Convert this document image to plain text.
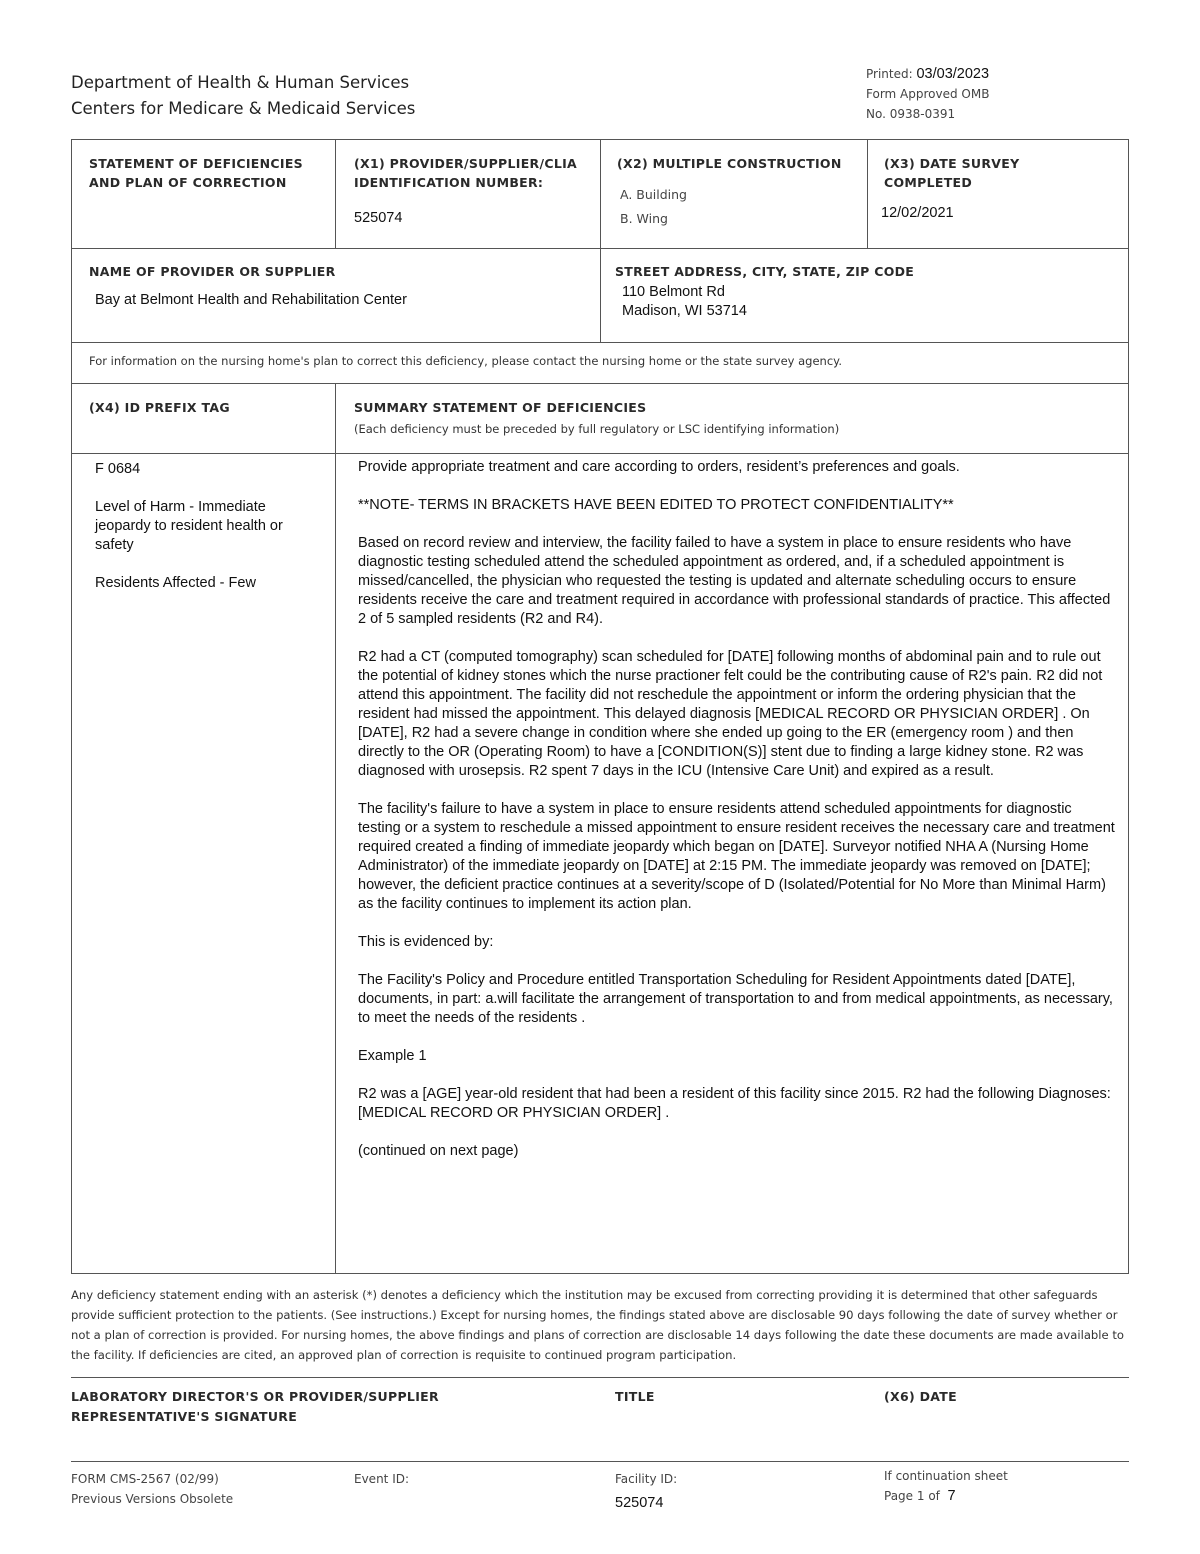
Department of Health & Human Services
Centers for Medicare & Medicaid Services
Printed: 03/03/2023
Form Approved OMB
No. 0938-0391
STATEMENT OF DEFICIENCIES
AND PLAN OF CORRECTION
(X1) PROVIDER/SUPPLIER/CLIA
IDENTIFICATION NUMBER:
525074
(X2) MULTIPLE CONSTRUCTION
A. Building
B. Wing
(X3) DATE SURVEY
COMPLETED
12/02/2021
NAME OF PROVIDER OR SUPPLIER
Bay at Belmont Health and Rehabilitation Center
STREET ADDRESS, CITY, STATE, ZIP CODE
110 Belmont Rd
Madison, WI 53714
For information on the nursing home's plan to correct this deficiency, please contact the nursing home or the state survey agency.
(X4) ID PREFIX TAG	SUMMARY STATEMENT OF DEFICIENCIES
(Each deficiency must be preceded by full regulatory or LSC identifying information)

F 0684

Level of Harm - Immediate jeopardy to resident health or safety

Residents Affected - Few

Provide appropriate treatment and care according to orders, resident’s preferences and goals.

**NOTE- TERMS IN BRACKETS HAVE BEEN EDITED TO PROTECT CONFIDENTIALITY**

Based on record review and interview, the facility failed to have a system in place to ensure residents who have diagnostic testing scheduled attend the scheduled appointment as ordered, and, if a scheduled appointment is missed/cancelled, the physician who requested the testing is updated and alternate scheduling occurs to ensure residents receive the care and treatment required in accordance with professional standards of practice. This affected 2 of 5 sampled residents (R2 and R4).

R2 had a CT (computed tomography) scan scheduled for [DATE] following months of abdominal pain and to rule out the potential of kidney stones which the nurse practioner felt could be the contributing cause of R2's pain. R2 did not attend this appointment. The facility did not reschedule the appointment or inform the ordering physician that the resident had missed the appointment. This delayed diagnosis [MEDICAL RECORD OR PHYSICIAN ORDER] . On [DATE], R2 had a severe change in condition where she ended up going to the ER (emergency room ) and then directly to the OR (Operating Room) to have a [CONDITION(S)] stent due to finding a large kidney stone. R2 was diagnosed with urosepsis. R2 spent 7 days in the ICU (Intensive Care Unit) and expired as a result.

The facility's failure to have a system in place to ensure residents attend scheduled appointments for diagnostic testing or a system to reschedule a missed appointment to ensure resident receives the necessary care and treatment required created a finding of immediate jeopardy which began on [DATE]. Surveyor notified NHA A (Nursing Home Administrator) of the immediate jeopardy on [DATE] at 2:15 PM. The immediate jeopardy was removed on [DATE]; however, the deficient practice continues at a severity/scope of D (Isolated/Potential for No More than Minimal Harm) as the facility continues to implement its action plan.

This is evidenced by:

The Facility's Policy and Procedure entitled Transportation Scheduling for Resident Appointments dated [DATE], documents, in part: a.will facilitate the arrangement of transportation to and from medical appointments, as necessary, to meet the needs of the residents .

Example 1

R2 was a [AGE] year-old resident that had been a resident of this facility since 2015. R2 had the following Diagnoses: [MEDICAL RECORD OR PHYSICIAN ORDER] .

(continued on next page)

Any deficiency statement ending with an asterisk (*) denotes a deficiency which the institution may be excused from correcting providing it is determined that other safeguards provide sufficient protection to the patients. (See instructions.) Except for nursing homes, the findings stated above are disclosable 90 days following the date of survey whether or not a plan of correction is provided. For nursing homes, the above findings and plans of correction are disclosable 14 days following the date these documents are made available to the facility. If deficiencies are cited, an approved plan of correction is requisite to continued program participation.
LABORATORY DIRECTOR'S OR PROVIDER/SUPPLIER
REPRESENTATIVE'S SIGNATURE
TITLE	(X6) DATE
FORM CMS-2567 (02/99)
Previous Versions Obsolete
Event ID:	Facility ID:
525074
If continuation sheet
Page 1 of 7
